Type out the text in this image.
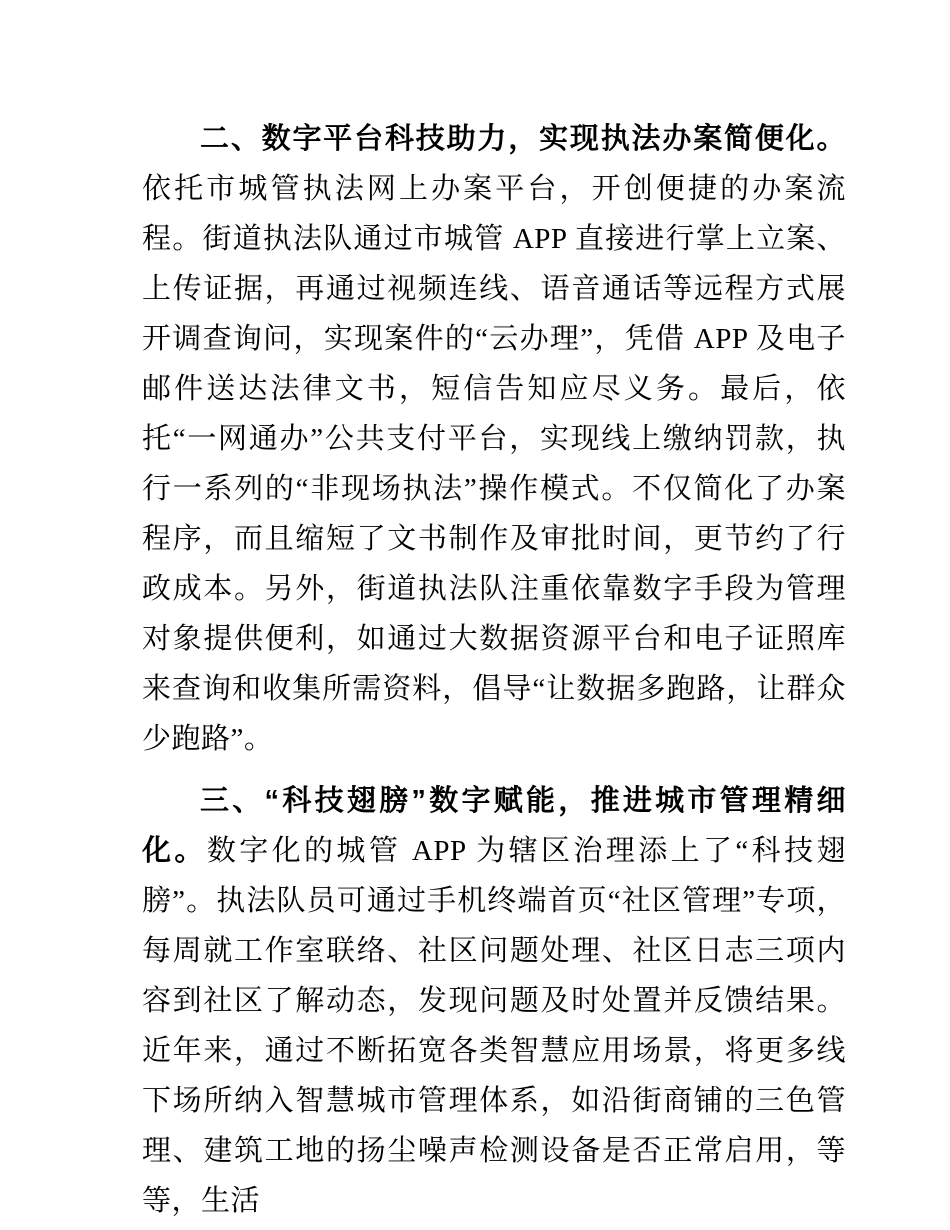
二、数字平台科技助力，实现执法办案简便化。依托市城管执法网上办案平台，开创便捷的办案流程。街道执法队通过市城管 APP 直接进行掌上立案、上传证据，再通过视频连线、语音通话等远程方式展开调查询问，实现案件的“云办理”，凭借 APP 及电子邮件送达法律文书，短信告知应尽义务。最后，依托“一网通办”公共支付平台，实现线上缴纳罚款，执行一系列的“非现场执法”操作模式。不仅简化了办案程序，而且缩短了文书制作及审批时间，更节约了行政成本。另外，街道执法队注重依靠数字手段为管理对象提供便利，如通过大数据资源平台和电子证照库来查询和收集所需资料，倡导“让数据多跑路，让群众少跑路”。

三、“科技翅膀”数字赋能，推进城市管理精细化。数字化的城管 APP 为辖区治理添上了“科技翅膀”。执法队员可通过手机终端首页“社区管理”专项，每周就工作室联络、社区问题处理、社区日志三项内容到社区了解动态，发现问题及时处置并反馈结果。近年来，通过不断拓宽各类智慧应用场景，将更多线下场所纳入智慧城市管理体系，如沿街商铺的三色管理、建筑工地的扬尘噪声检测设备是否正常启用，等等，生活
